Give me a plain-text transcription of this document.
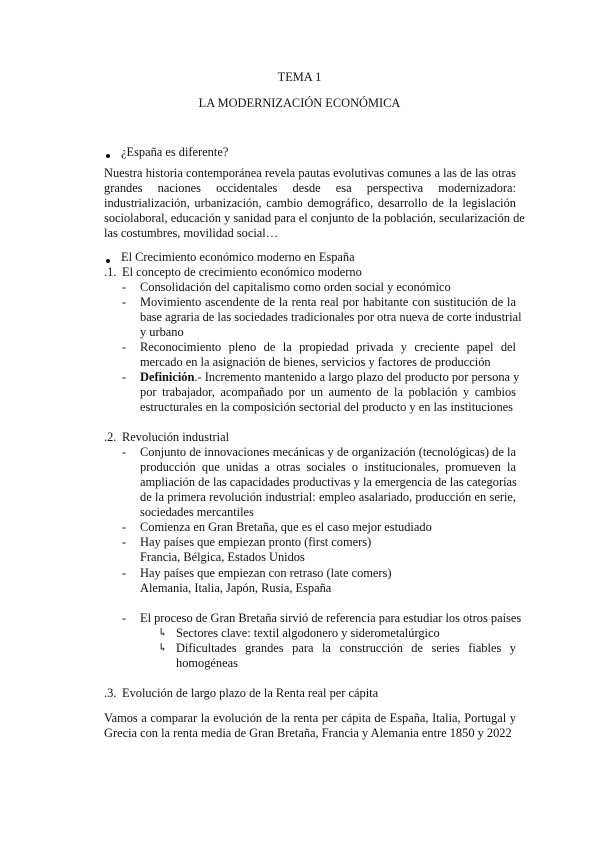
TEMA 1
LA MODERNIZACIÓN ECONÓMICA
¿España es diferente?
Nuestra historia contemporánea revela pautas evolutivas comunes a las de las otras
grandes naciones occidentales desde esa perspectiva modernizadora:
industrialización, urbanización, cambio demográfico, desarrollo de la legislación
sociolaboral, educación y sanidad para el conjunto de la población, secularización de
las costumbres, movilidad social…
El Crecimiento económico moderno en España
.1. El concepto de crecimiento económico moderno
- Consolidación del capitalismo como orden social y económico
- Movimiento ascendente de la renta real por habitante con sustitución de la
base agraria de las sociedades tradicionales por otra nueva de corte industrial
y urbano
- Reconocimiento pleno de la propiedad privada y creciente papel del
mercado en la asignación de bienes, servicios y factores de producción
- Definición.- Incremento mantenido a largo plazo del producto por persona y
por trabajador, acompañado por un aumento de la población y cambios
estructurales en la composición sectorial del producto y en las instituciones
.2. Revolución industrial
- Conjunto de innovaciones mecánicas y de organización (tecnológicas) de la
producción que unidas a otras sociales o institucionales, promueven la
ampliación de las capacidades productivas y la emergencia de las categorías
de la primera revolución industrial: empleo asalariado, producción en serie,
sociedades mercantiles
- Comienza en Gran Bretaña, que es el caso mejor estudiado
- Hay países que empiezan pronto (first comers)
Francia, Bélgica, Estados Unidos
- Hay países que empiezan con retraso (late comers)
Alemania, Italia, Japón, Rusia, España
- El proceso de Gran Bretaña sirvió de referencia para estudiar los otros países
↳ Sectores clave: textil algodonero y siderometalúrgico
↳ Dificultades grandes para la construcción de series fiables y
homogéneas
.3. Evolución de largo plazo de la Renta real per cápita
Vamos a comparar la evolución de la renta per cápita de España, Italia, Portugal y
Grecia con la renta media de Gran Bretaña, Francia y Alemania entre 1850 y 2022
